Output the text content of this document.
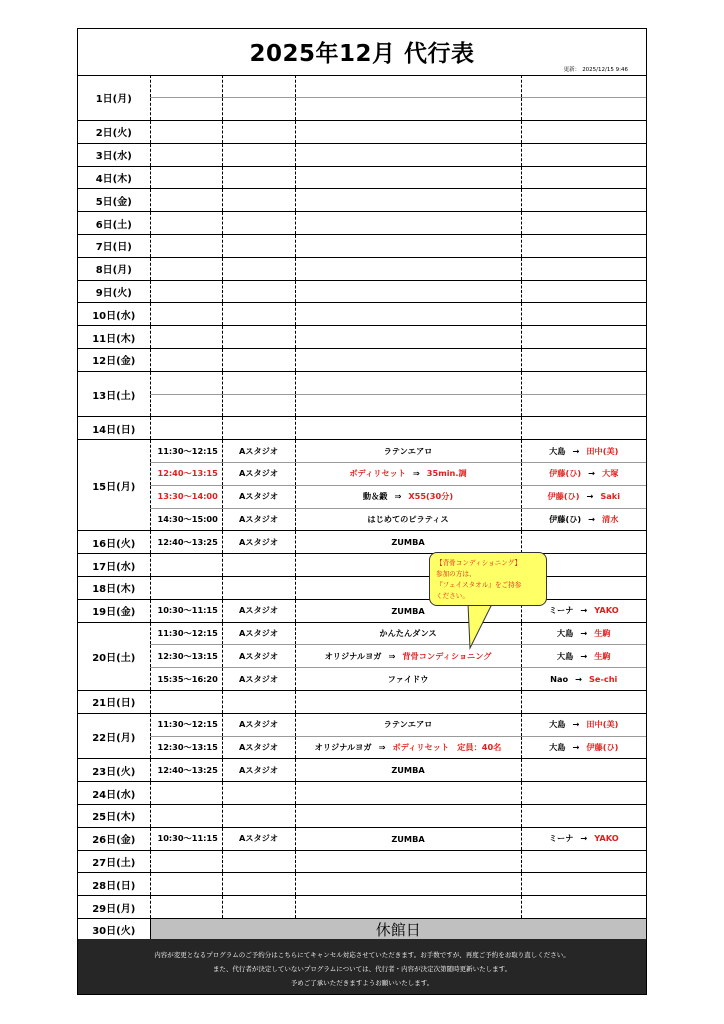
2025年12月 代行表
更新： 2025/12/15 9:46
1日(月)				

2日(火)				
3日(水)				
4日(木)				
5日(金)				
6日(土)				
7日(日)				
8日(月)				
9日(火)				
10日(水)				
11日(木)				
12日(金)				
13日(土)				

14日(日)				
15日(月)	11:30～12:15	Aスタジオ	ラテンエアロ	大島 → 田中(美)
	12:40～13:15	Aスタジオ	ボディリセット ⇒ 35min.調	伊藤(ひ) → 大塚
	13:30～14:00	Aスタジオ	動＆鍛 ⇒ X55(30分)	伊藤(ひ) → Saki
	14:30～15:00	Aスタジオ	はじめてのピラティス	伊藤(ひ) → 清水
16日(火)	12:40～13:25	Aスタジオ	ZUMBA	
17日(水)				
18日(木)				
19日(金)	10:30～11:15	Aスタジオ	ZUMBA	ミーナ → YAKO
20日(土)	11:30～12:15	Aスタジオ	かんたんダンス	大島 → 生駒
	12:30～13:15	Aスタジオ	オリジナルヨガ ⇒ 背骨コンディショニング	大島 → 生駒
	15:35～16:20	Aスタジオ	ファイドウ	Nao → Se-chi
21日(日)				
22日(月)	11:30～12:15	Aスタジオ	ラテンエアロ	大島 → 田中(美)
	12:30～13:15	Aスタジオ	オリジナルヨガ ⇒ ボディリセット　定員：40名	大島 → 伊藤(ひ)
23日(火)	12:40～13:25	Aスタジオ	ZUMBA	
24日(水)				
25日(木)				
26日(金)	10:30～11:15	Aスタジオ	ZUMBA	ミーナ → YAKO
27日(土)				
28日(日)				
29日(月)				
30日(火)	休館日			
内容が変更となるプログラムのご予約分はこちらにてキャンセル対応させていただきます。お手数ですが、再度ご予約をお取り直しください。
また、代行者が決定していないプログラムについては、代行者・内容が決定次第随時更新いたします。
予めご了承いただきますようお願いいたします。

【背骨コンディショニング】

参加の方は、

『フェイスタオル』をご持参

ください。
